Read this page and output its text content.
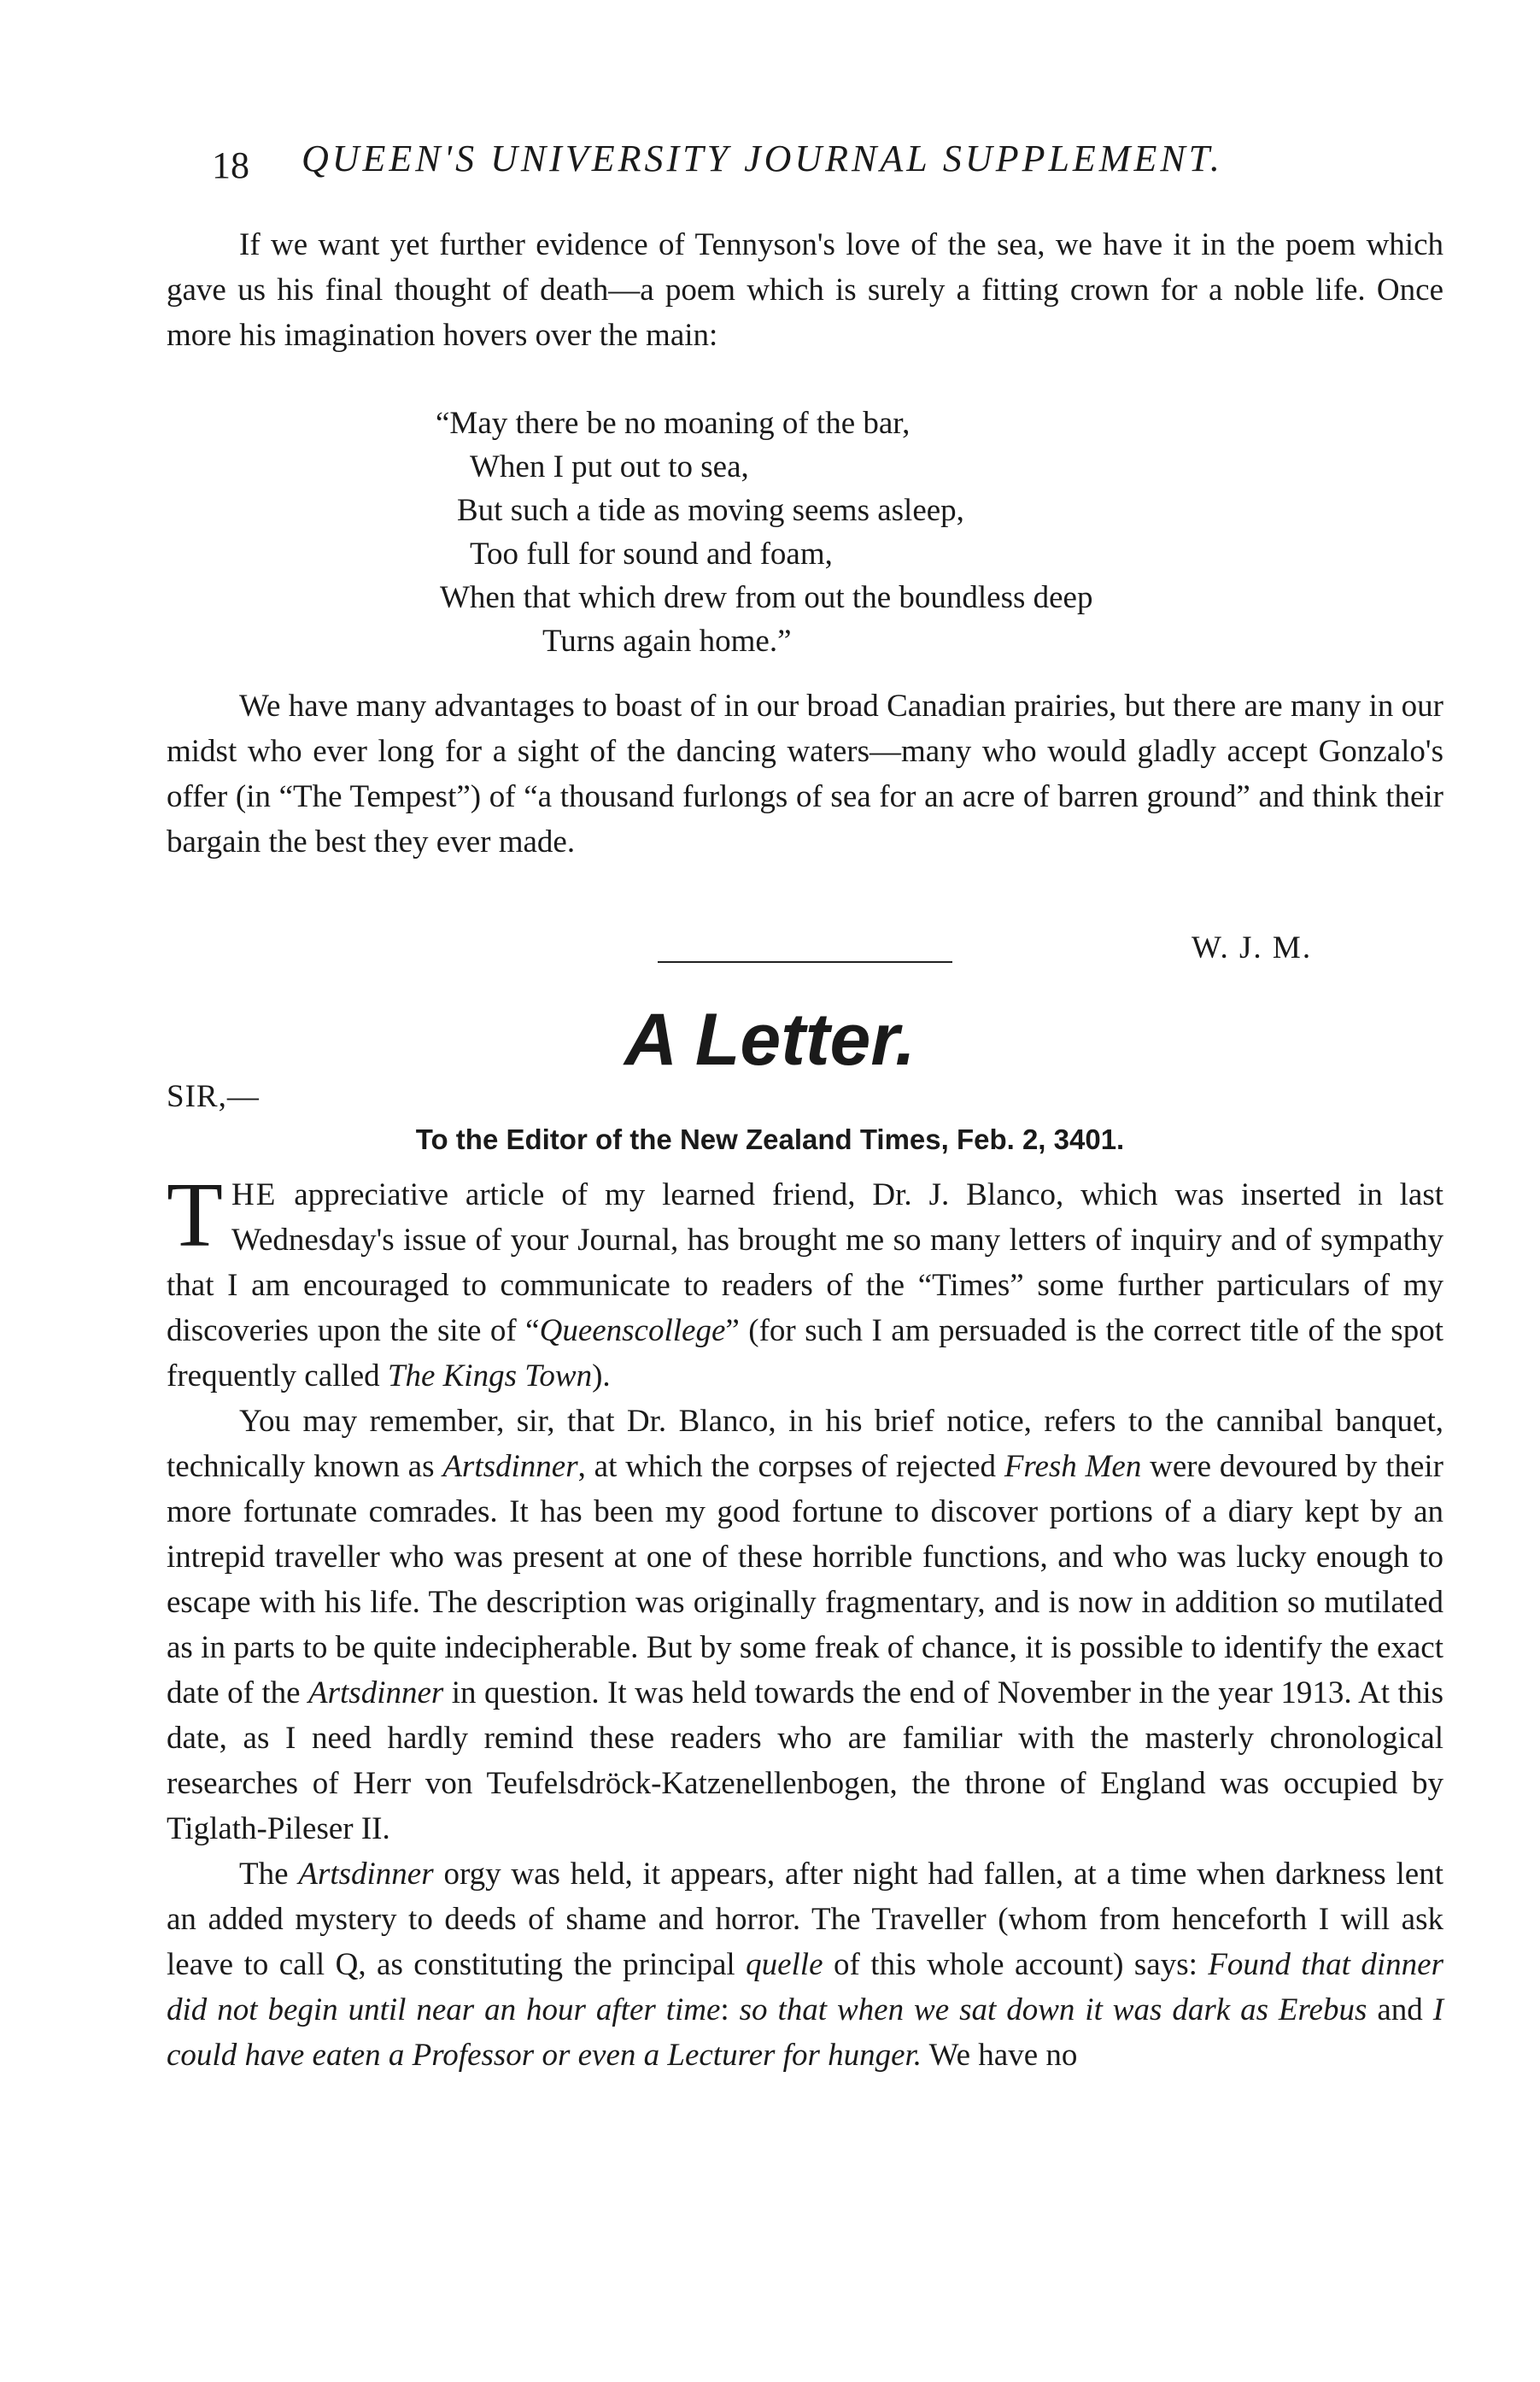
18 QUEEN'S UNIVERSITY JOURNAL SUPPLEMENT.

If we want yet further evidence of Tennyson's love of the sea, we have it in the poem which gave us his final thought of death—a poem which is surely a fitting crown for a noble life. Once more his imagination hovers over the main:

“May there be no moaning of the bar,
When I put out to sea,
But such a tide as moving seems asleep,
Too full for sound and foam,
When that which drew from out the boundless deep
Turns again home.”

We have many advantages to boast of in our broad Canadian prairies, but there are many in our midst who ever long for a sight of the dancing waters—many who would gladly accept Gonzalo's offer (in “The Tempest”) of “a thousand furlongs of sea for an acre of barren ground” and think their bargain the best they ever made.

W. J. M.
A Letter.
SIR,—
To the Editor of the New Zealand Times, Feb. 2, 3401.

THE appreciative article of my learned friend, Dr. J. Blanco, which was inserted in last Wednesday's issue of your Journal, has brought me so many letters of inquiry and of sympathy that I am encouraged to communicate to readers of the “Times” some further particulars of my discoveries upon the site of “Queenscollege” (for such I am persuaded is the correct title of the spot frequently called The Kings Town).

You may remember, sir, that Dr. Blanco, in his brief notice, refers to the cannibal banquet, technically known as Artsdinner, at which the corpses of rejected Fresh Men were devoured by their more fortunate comrades. It has been my good fortune to discover portions of a diary kept by an intrepid traveller who was present at one of these horrible functions, and who was lucky enough to escape with his life. The description was originally fragmentary, and is now in addition so mutilated as in parts to be quite indecipherable. But by some freak of chance, it is possible to identify the exact date of the Artsdinner in question. It was held towards the end of November in the year 1913. At this date, as I need hardly remind these readers who are familiar with the masterly chronological researches of Herr von Teufelsdröck-Katzenellenbogen, the throne of England was occupied by Tiglath-Pileser II.

The Artsdinner orgy was held, it appears, after night had fallen, at a time when darkness lent an added mystery to deeds of shame and horror. The Traveller (whom from henceforth I will ask leave to call Q, as constituting the principal quelle of this whole account) says: Found that dinner did not begin until near an hour after time: so that when we sat down it was dark as Erebus and I could have eaten a Professor or even a Lecturer for hunger. We have no
